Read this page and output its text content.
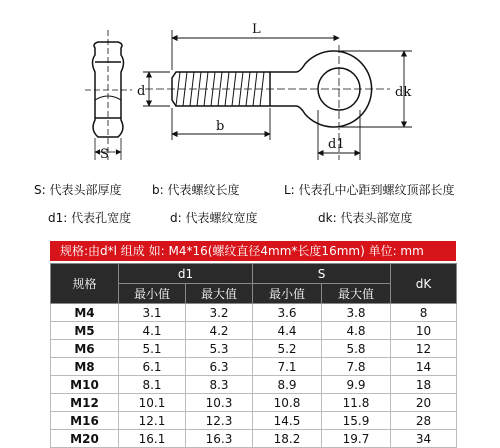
S
L
d
b
dk
d1
S: 代表头部厚度	b: 代表螺纹长度	L: 代表孔中心距到螺纹顶部长度
d1: 代表孔宽度	d: 代表螺纹宽度	dk: 代表头部宽度
规格:由d*l 组成 如: M4*16(螺纹直径4mm*长度16mm) 单位: mm
规格	d1		S		dK
	最小值	最大值	最小值	最大值	
M4	3.1	3.2	3.6	3.8	8
M5	4.1	4.2	4.4	4.8	10
M6	5.1	5.3	5.2	5.8	12
M8	6.1	6.3	7.1	7.8	14
M10	8.1	8.3	8.9	9.9	18
M12	10.1	10.3	10.8	11.8	20
M16	12.1	12.3	14.5	15.9	28
M20	16.1	16.3	18.2	19.7	34
